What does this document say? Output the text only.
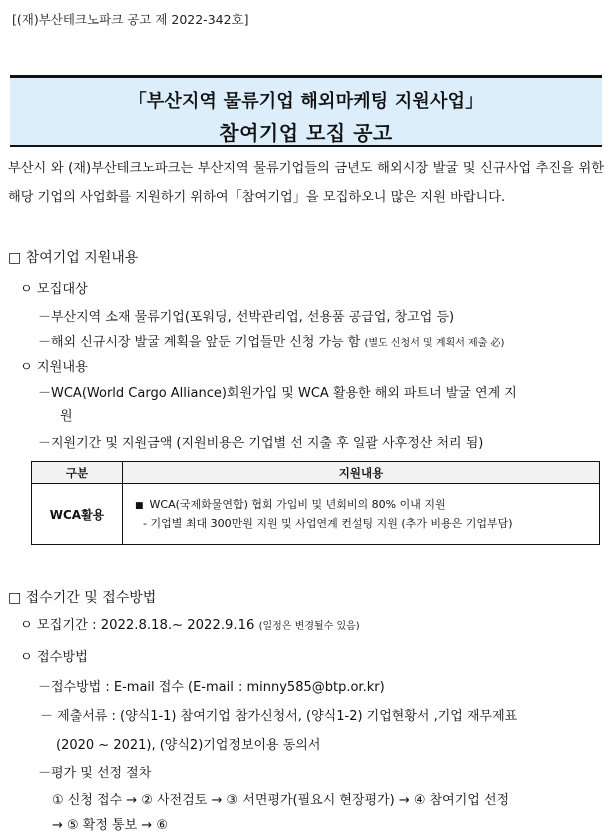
[(재)부산테크노파크 공고 제 2022-342호]
「부산지역 물류기업 해외마케팅 지원사업」
참여기업 모집 공고
부산시 와 (재)부산테크노파크는 부산지역 물류기업들의 금년도 해외시장 발굴 및 신규사업 추진을 위한 해당 기업의 사업화를 지원하기 위하여「참여기업」을 모집하오니 많은 지원 바랍니다.
□ 참여기업 지원내용
ㅇ 모집대상
－부산지역 소재 물류기업(포워딩, 선박관리업, 선용품 공급업, 창고업 등)
－해외 신규시장 발굴 계획을 앞둔 기업들만 신청 가능 함 (별도 신청서 및 계획서 제출 必)
ㅇ 지원내용
－WCA(World Cargo Alliance)회원가입 및 WCA 활용한 해외 파트너 발굴 연계 지
원
－지원기간 및 지원금액 (지원비용은 기업별 선 지출 후 일괄 사후정산 처리 됨)
구분	지원내용
WCA활용	■ WCA(국제화물연합) 협회 가입비 및 년회비의 80% 이내 지원
- 기업별 최대 300만원 지원 및 사업연계 컨설팅 지원 (추가 비용은 기업부담)
□ 접수기간 및 접수방법
ㅇ 모집기간 : 2022.8.18.~ 2022.9.16 (일정은 변경될수 있음)
ㅇ 접수방법
－접수방법 : E-mail 접수 (E-mail : minny585@btp.or.kr)
－ 제출서류 : (양식1-1) 참여기업 참가신청서, (양식1-2) 기업현황서 ,기업 재무제표
(2020 ~ 2021), (양식2)기업정보이용 동의서
－평가 및 선정 절차
① 신청 접수 → ② 사전검토 → ③ 서면평가(필요시 현장평가) → ④ 참여기업 선정
→ ⑤ 확정 통보 → ⑥
